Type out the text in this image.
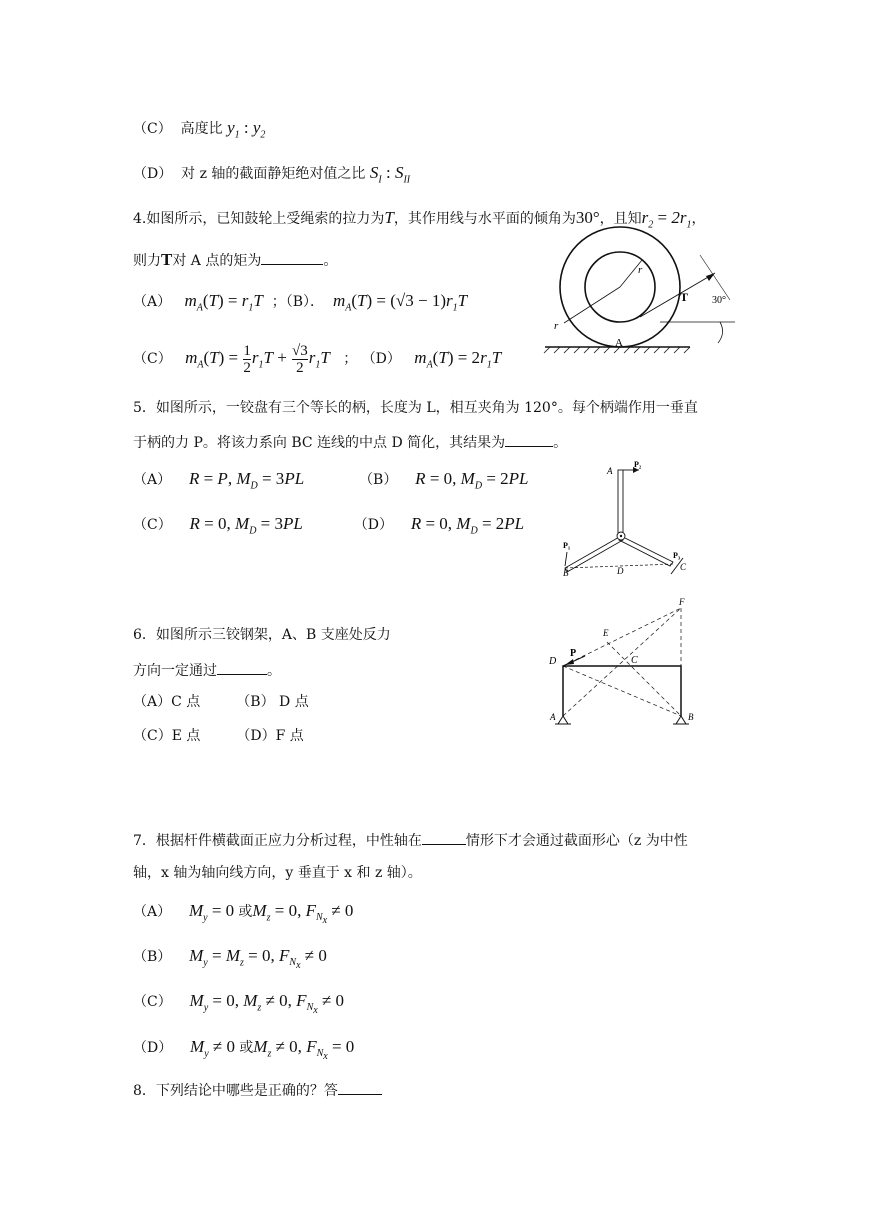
（C） 高度比 $y_1$ : $y_2$
（D） 对 z 轴的截面静矩绝对值之比 $S_I$ : $S_{II}$
4.如图所示，已知鼓轮上受绳索的拉力为T，其作用线与水平面的倾角为30°，且知$r_2 = 2r_1$，
则力T对 A 点的矩为	。
（A） $m_A(T) = r_1T$ ；（B）． $m_A(T) = (√3 - 1)r_1T$
（C） $m_A(T) = \frac{1}{2} r_1T + \frac{√3}{2} r_1T$ ； （D） $m_A(T) = 2r_1T$
r
r
T 30°
A
5．如图所示，一铰盘有三个等长的柄，长度为 L，相互夹角为 120°。每个柄端作用一垂直
于柄的力 P。将该力系向 BC 连线的中点 D 简化，其结果为	。
（A） R = P, $M_D = 3PL$	（B） R = 0, $M_D = 2PL$
（C） R = 0, $M_D = 3PL$	（D） R = 0, $M_D = 2PL$
A
P₂
P₁
P₃
B
C
D
6．如图所示三铰钢架，A、B 支座处反力
方向一定通过	。
（A）C 点	（B） D 点
（C）E 点	（D）F 点
D
P
E
F
C
A	B
7．根据杆件横截面正应力分析过程，中性轴在	情形下才会通过截面形心（z 为中性
轴，x 轴为轴向线方向，y 垂直于 x 和 z 轴）。
（A） $M_y = 0$ 或$M_z = 0$, $F_{N_x} \ne 0$
（B） $M_y = M_z = 0$, $F_{N_x} \ne 0$
（C） $M_y = 0$, $M_z \ne 0$, $F_{N_x} \ne 0$
（D） $M_y \ne 0$ 或$M_z \ne 0$, $F_{N_x} = 0$
8．下列结论中哪些是正确的？答
